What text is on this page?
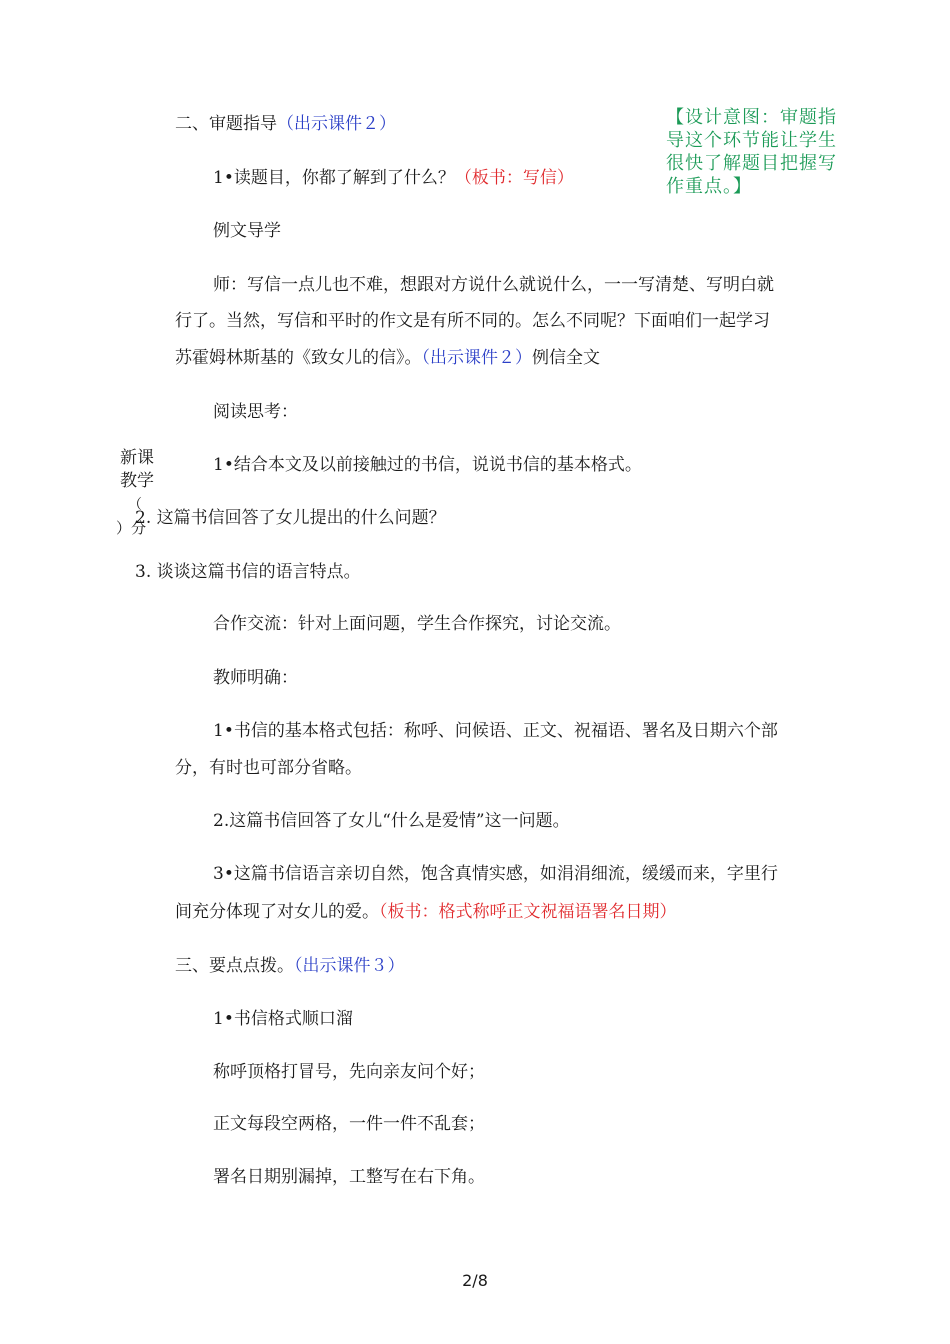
二、审题指导（出示课件２）	【设计意图：审题指导这个环节能让学生很快了解题目把握写作重点。】
1•读题目，你都了解到了什么？（板书：写信）
例文导学
师：写信一点儿也不难，想跟对方说什么就说什么，一一写清楚、写明白就
行了。当然，写信和平时的作文是有所不同的。怎么不同呢？下面咱们一起学习
苏霍姆林斯基的《致女儿的信》。（出示课件２）例信全文
阅读思考：
新课
教学
（
）分
1•结合本文及以前接触过的书信，说说书信的基本格式。
2. 这篇书信回答了女儿提出的什么问题？
3. 谈谈这篇书信的语言特点。
合作交流：针对上面问题，学生合作探究，讨论交流。
教师明确：
1•书信的基本格式包括：称呼、问候语、正文、祝福语、署名及日期六个部
分，有时也可部分省略。
2.这篇书信回答了女儿“什么是爱情”这一问题。
3•这篇书信语言亲切自然，饱含真情实感，如涓涓细流，缓缓而来，字里行
间充分体现了对女儿的爱。（板书：格式称呼正文祝福语署名日期）
三、要点点拨。（出示课件３）
1•书信格式顺口溜
称呼顶格打冒号，先向亲友问个好；
正文每段空两格，一件一件不乱套；
署名日期别漏掉，工整写在右下角。
2/8
